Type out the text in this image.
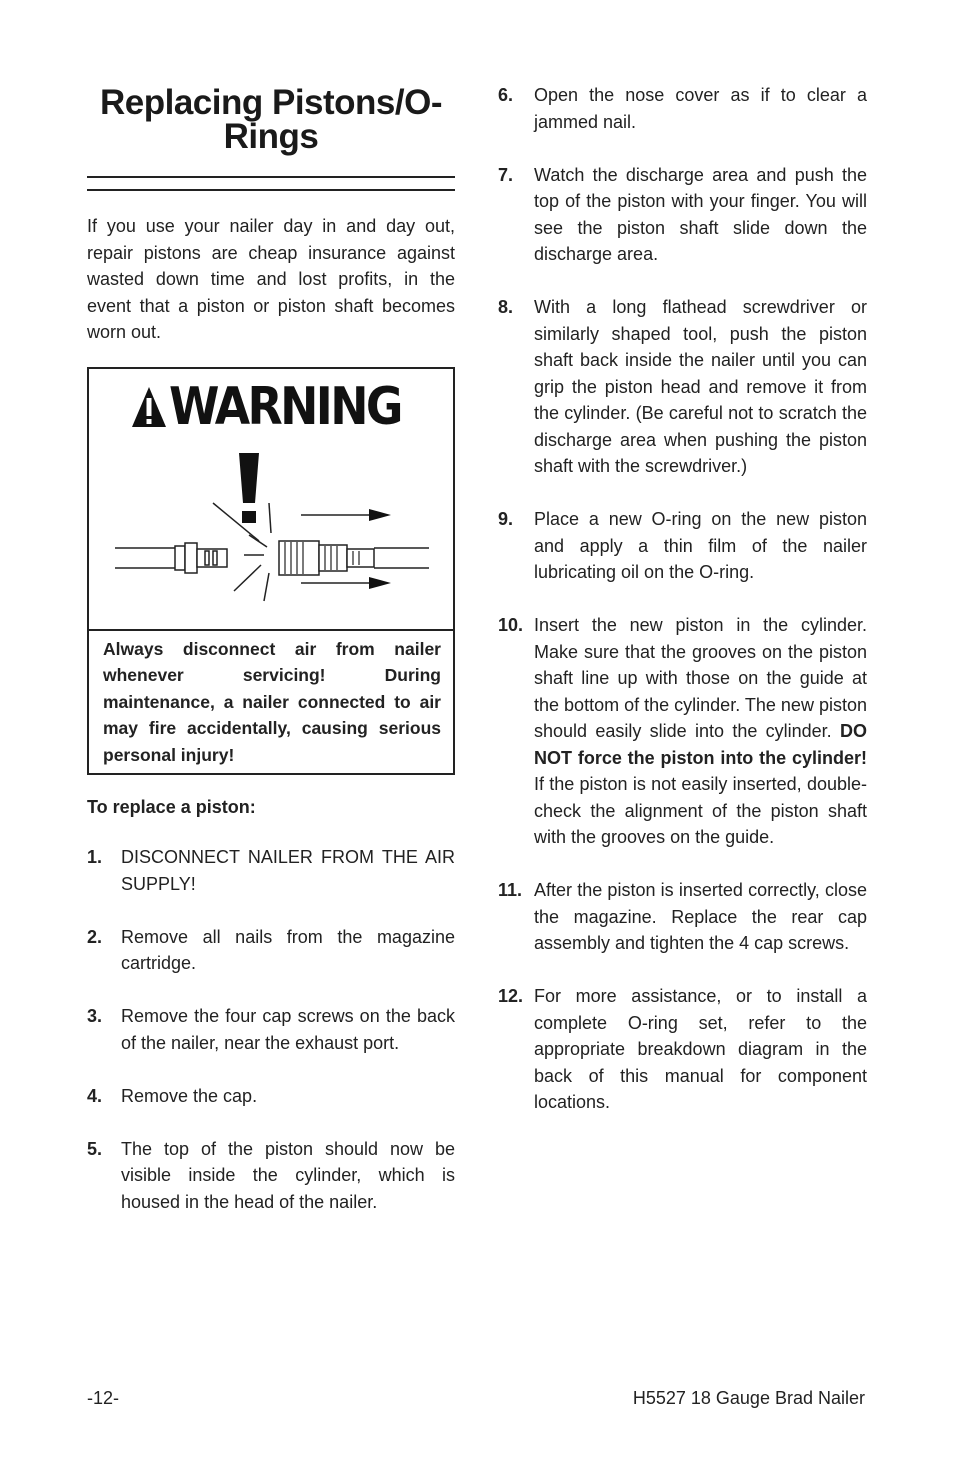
Replacing Pistons/O-Rings

If you use your nailer day in and day out, repair pistons are cheap insurance against wasted down time and lost profits, in the event that a piston or piston shaft becomes worn out.

WARNING
Always disconnect air from nailer whenever servicing! During maintenance, a nailer connected to air may fire accidentally, causing serious personal injury!
To replace a piston:
1.	DISCONNECT NAILER FROM THE AIR SUPPLY!
2.	Remove all nails from the magazine cartridge.
3.	Remove the four cap screws on the back of the nailer, near the exhaust port.
4.	Remove the cap.
5.	The top of the piston should now be visible inside the cylinder, which is housed in the head of the nailer.
6.	Open the nose cover as if to clear a jammed nail.
7.	Watch the discharge area and push the top of the piston with your finger. You will see the piston shaft slide down the discharge area.
8.	With a long flathead screwdriver or similarly shaped tool, push the piston shaft back inside the nailer until you can grip the piston head and remove it from the cylinder. (Be careful not to scratch the discharge area when pushing the piston shaft with the screwdriver.)
9.	Place a new O-ring on the new piston and apply a thin film of the nailer lubricating oil on the O-ring.
10. Insert the new piston in the cylinder. Make sure that the grooves on the piston shaft line up with those on the guide at the bottom of the cylinder. The new piston should easily slide into the cylinder. DO NOT force the piston into the cylinder! If the piston is not easily inserted, double-check the alignment of the piston shaft with the grooves on the guide.
11. After the piston is inserted correctly, close the magazine. Replace the rear cap assembly and tighten the 4 cap screws.
12. For more assistance, or to install a complete O-ring set, refer to the appropriate breakdown diagram in the back of this manual for component locations.
-12-	H5527 18 Gauge Brad Nailer
